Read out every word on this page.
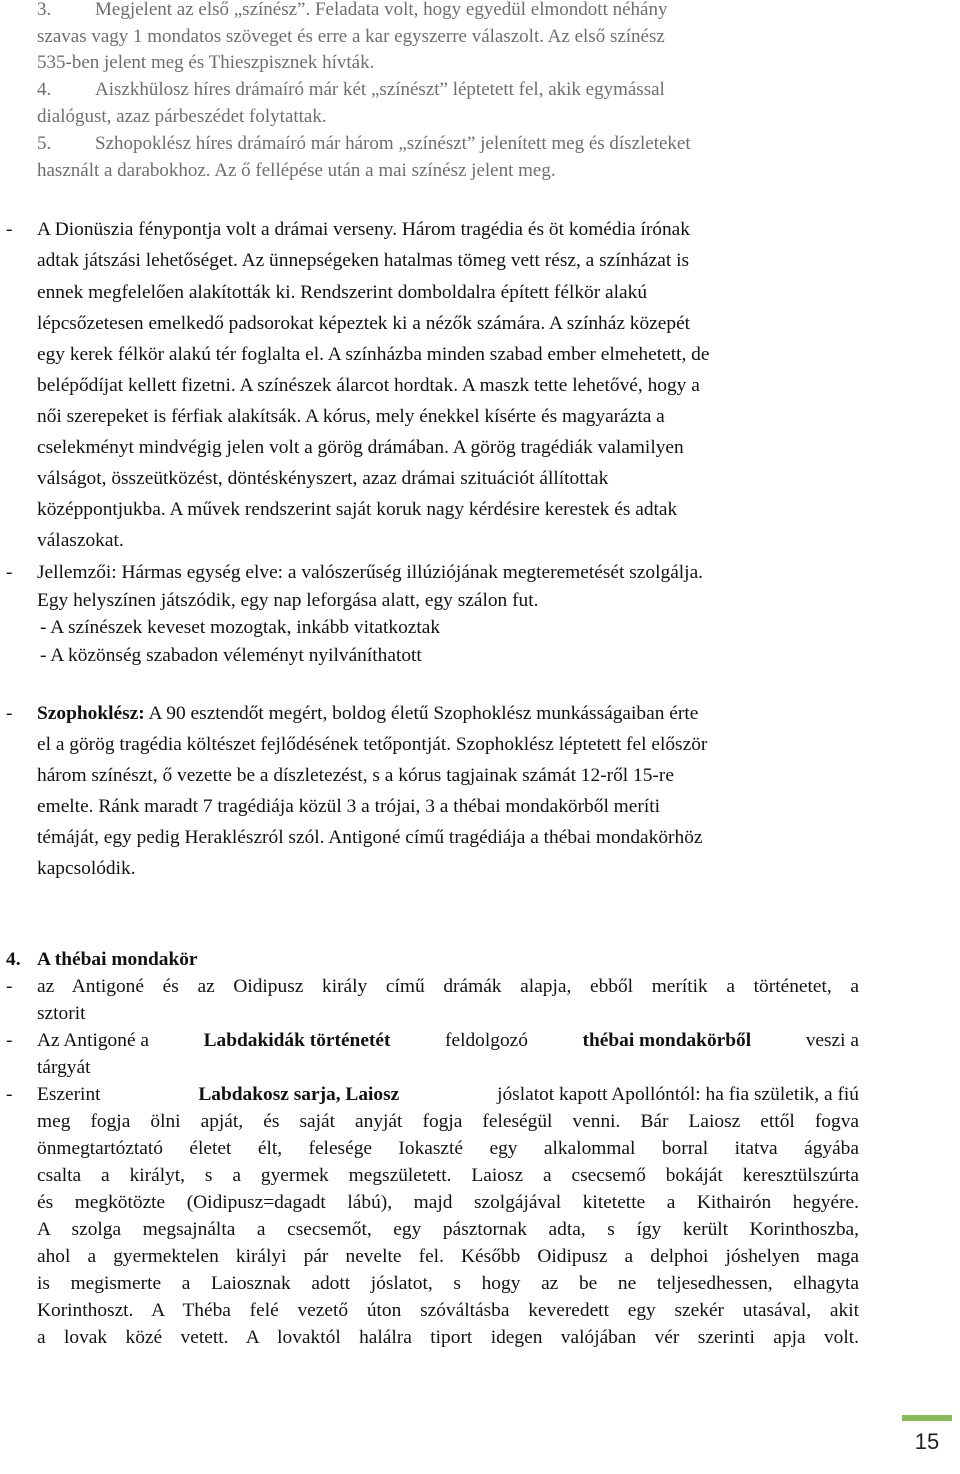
3. Megjelent az első „színész”. Feladata volt, hogy egyedül elmondott néhány
szavas vagy 1 mondatos szöveget és erre a kar egyszerre válaszolt. Az első színész
535-ben jelent meg és Thieszpisznek hívták.
4. Aiszkhülosz híres drámaíró már két „színészt” léptetett fel, akik egymással
dialógust, azaz párbeszédet folytattak.
5. Szhopoklész híres drámaíró már három „színészt” jelenített meg és díszleteket
használt a darabokhoz. Az ő fellépése után a mai színész jelent meg.
- A Dionüszia fénypontja volt a drámai verseny. Három tragédia és öt komédia írónak
adtak játszási lehetőséget. Az ünnepségeken hatalmas tömeg vett rész, a színházat is
ennek megfelelően alakították ki. Rendszerint domboldalra épített félkör alakú
lépcsőzetesen emelkedő padsorokat képeztek ki a nézők számára. A színház közepét
egy kerek félkör alakú tér foglalta el. A színházba minden szabad ember elmehetett, de
belépődíjat kellett fizetni. A színészek álarcot hordtak. A maszk tette lehetővé, hogy a
női szerepeket is férfiak alakítsák. A kórus, mely énekkel kísérte és magyarázta a
cselekményt mindvégig jelen volt a görög drámában. A görög tragédiák valamilyen
válságot, összeütközést, döntéskényszert, azaz drámai szituációt állítottak
középpontjukba. A művek rendszerint saját koruk nagy kérdésire kerestek és adtak
válaszokat.
- Jellemzői: Hármas egység elve: a valószerűség illúziójának megteremetését szolgálja.
Egy helyszínen játszódik, egy nap leforgása alatt, egy szálon fut.
- A színészek keveset mozogtak, inkább vitatkoztak
- A közönség szabadon véleményt nyilváníthatott
- Szophoklész: A 90 esztendőt megért, boldog életű Szophoklész munkásságaiban érte
el a görög tragédia költészet fejlődésének tetőpontját. Szophoklész léptetett fel először
három színészt, ő vezette be a díszletezést, s a kórus tagjainak számát 12-ről 15-re
emelte. Ránk maradt 7 tragédiája közül 3 a trójai, 3 a thébai mondakörből meríti
témáját, egy pedig Heraklészról szól. Antigoné című tragédiája a thébai mondakörhöz
kapcsolódik.
4. A thébai mondakör
- az Antigoné és az Oidipusz király című drámák alapja, ebből merítik a történetet, a
sztorit
- Az Antigoné a	Labdakidák történetét	feldolgozó	thébai mondakörből	veszi a
tárgyát
- Eszerint	Labdakosz sarja, Laiosz	jóslatot kapott Apollóntól: ha fia születik, a fiú
meg fogja ölni apját, és saját anyját fogja feleségül venni. Bár Laiosz ettől fogva
önmegtartóztató életet élt, felesége Iokaszté egy alkalommal borral itatva ágyába
csalta a királyt, s a gyermek megszületett. Laiosz a csecsemő bokáját keresztülszúrta
és megkötözte (Oidipusz=dagadt lábú), majd szolgájával kitetette a Kithairón hegyére.
A szolga megsajnálta a csecsemőt, egy pásztornak adta, s így került Korinthoszba,
ahol a gyermektelen királyi pár nevelte fel. Később Oidipusz a delphoi jóshelyen maga
is megismerte a Laiosznak adott jóslatot, s hogy az be ne teljesedhessen, elhagyta
Korinthoszt. A Théba felé vezető úton szóváltásba keveredett egy szekér utasával, akit
a lovak közé vetett. A lovaktól halálra tiport idegen valójában vér szerinti apja volt.
15
